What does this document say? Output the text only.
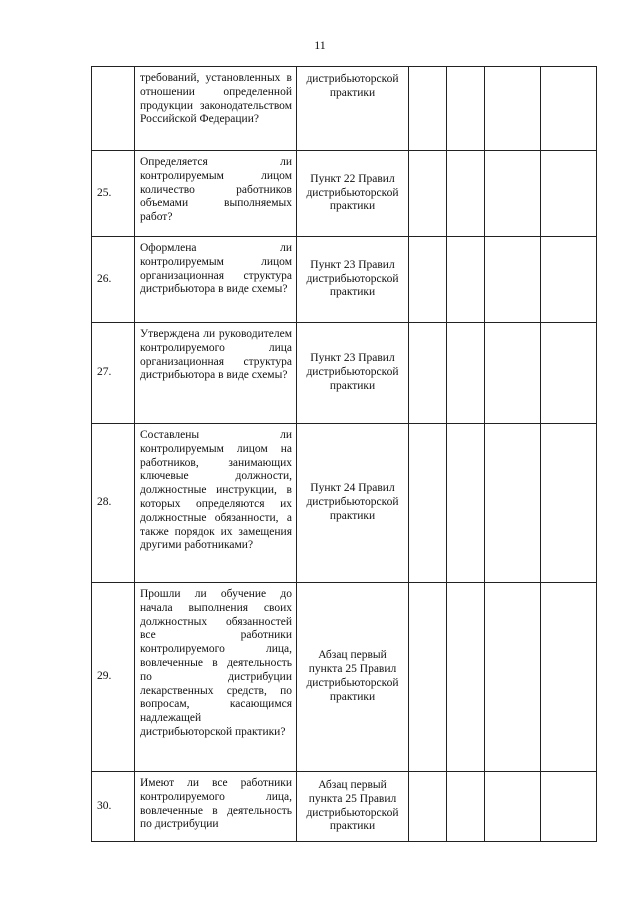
11
	требований, установленных в отношении определенной продукции законодательством Российской Федерации?	дистрибьюторской практики				
25.	Определяется ли контролируемым лицом количество работников объемами выполняемых работ?	Пункт 22 Правил дистрибьюторской практики				
26.	Оформлена ли контролируемым лицом организационная структура дистрибьютора в виде схемы?	Пункт 23 Правил дистрибьюторской практики				
27.	Утверждена ли руководителем контролируемого лица организационная структура дистрибьютора в виде схемы?	Пункт 23 Правил дистрибьюторской практики				
28.	Составлены ли контролируемым лицом на работников, занимающих ключевые должности, должностные инструкции, в которых определяются их должностные обязанности, а также порядок их замещения другими работниками?	Пункт 24 Правил дистрибьюторской практики				
29.	Прошли ли обучение до начала выполнения своих должностных обязанностей все работники контролируемого лица, вовлеченные в деятельность по дистрибуции лекарственных средств, по вопросам, касающимся надлежащей дистрибьюторской практики?	Абзац первый пункта 25 Правил дистрибьюторской практики				
30.	Имеют ли все работники контролируемого лица, вовлеченные в деятельность по дистрибуции	Абзац первый пункта 25 Правил дистрибьюторской практики				
